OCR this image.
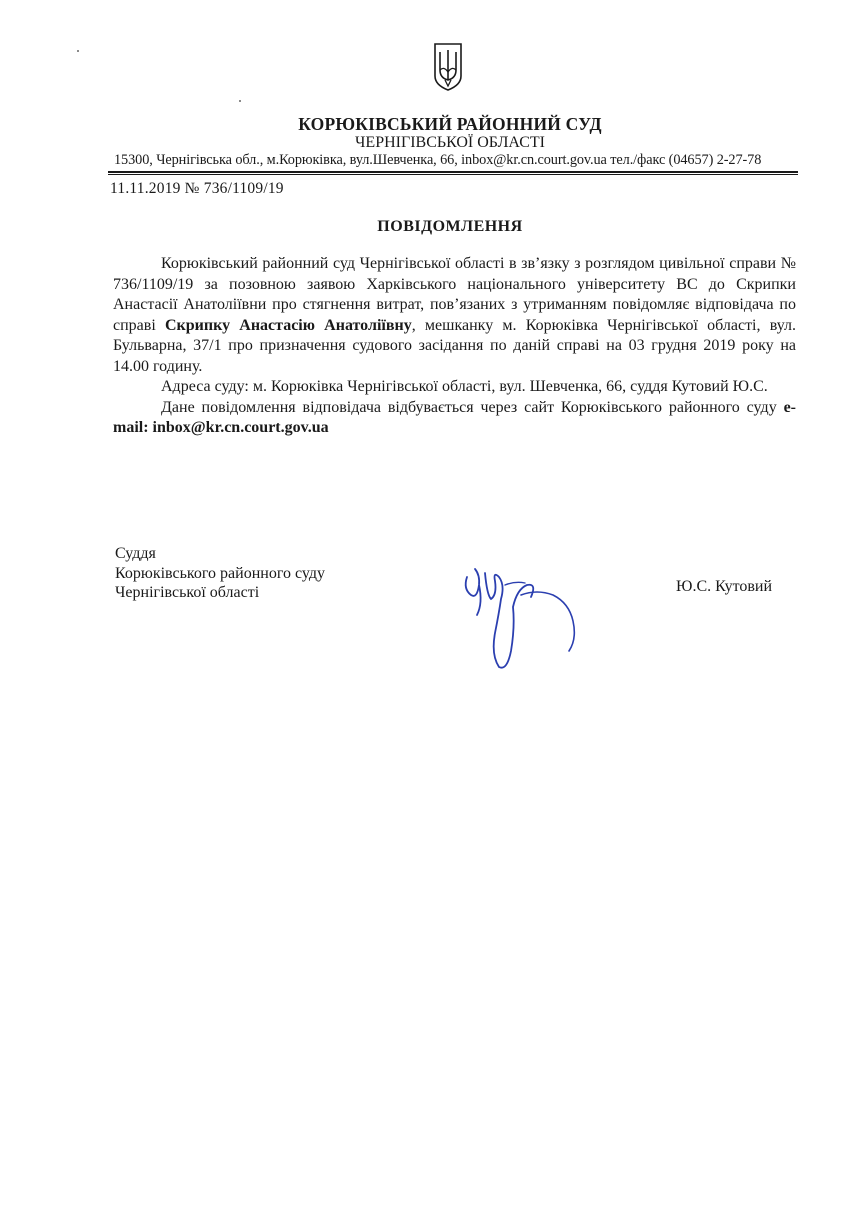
КОРЮКІВСЬКИЙ РАЙОННИЙ СУД
ЧЕРНІГІВСЬКОЇ ОБЛАСТІ
15300, Чернігівська обл., м.Корюківка, вул.Шевченка, 66, inbox@kr.cn.court.gov.ua тел./факс (04657) 2-27-78
11.11.2019 № 736/1109/19
ПОВІДОМЛЕННЯ

Корюківський районний суд Чернігівської області в зв’язку з розглядом цивільної справи № 736/1109/19 за позовною заявою Харківського національного університету ВС до Скрипки Анастасії Анатоліївни про стягнення витрат, пов’язаних з утриманням повідомляє відповідача по справі Скрипку Анастасію Анатоліївну, мешканку м. Корюківка Чернігівської області, вул. Бульварна, 37/1 про призначення судового засідання по даній справі на 03 грудня 2019 року на 14.00 годину.

Адреса суду: м. Корюківка Чернігівської області, вул. Шевченка, 66, суддя Кутовий Ю.С.

Дане повідомлення відповідача відбувається через сайт Корюківського районного суду e-mail: inbox@kr.cn.court.gov.ua

Суддя
Корюківського районного суду
Чернігівської області	Ю.С. Кутовий
